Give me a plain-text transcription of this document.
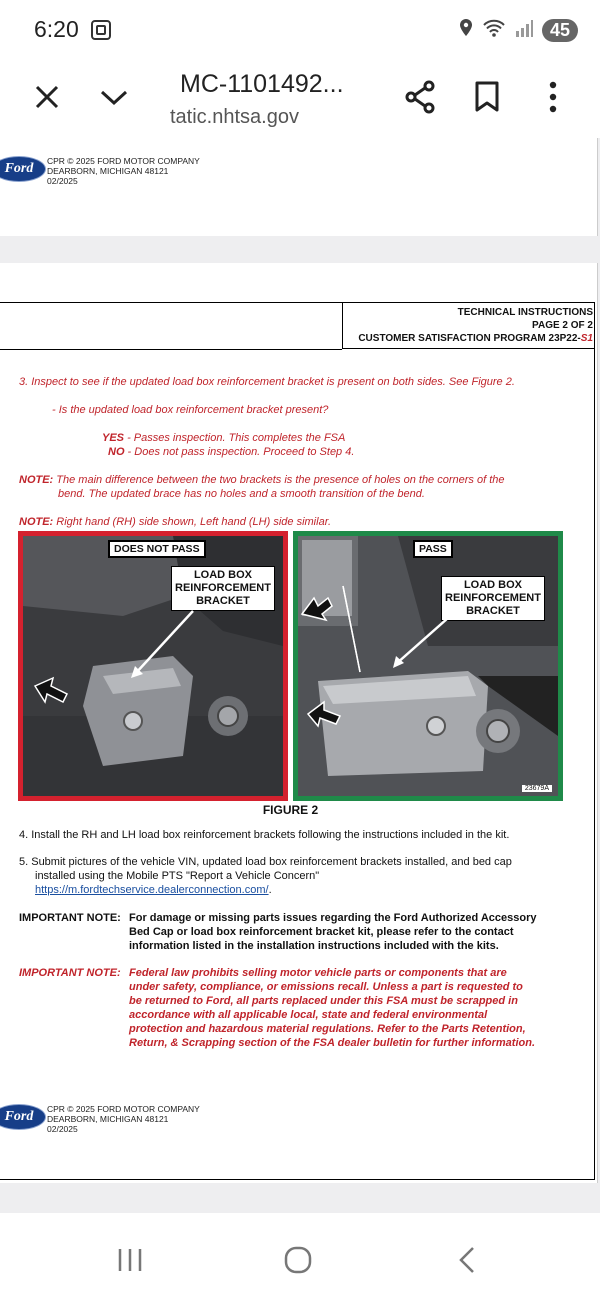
6:20	45
MC-1101492...
tatic.nhtsa.gov
Ford	CPR © 2025 FORD MOTOR COMPANY
DEARBORN, MICHIGAN 48121
02/2025
TECHNICAL INSTRUCTIONS
PAGE 2 OF 2
CUSTOMER SATISFACTION PROGRAM 23P22-S1
3. Inspect to see if the updated load box reinforcement bracket is present on both sides. See Figure 2.
- Is the updated load box reinforcement bracket present?
YES - Passes inspection. This completes the FSA
NO - Does not pass inspection. Proceed to Step 4.
NOTE: The main difference between the two brackets is the presence of holes on the corners of the
bend. The updated brace has no holes and a smooth transition of the bend.
NOTE: Right hand (RH) side shown, Left hand (LH) side similar.
DOES NOT PASS
LOAD BOX
REINFORCEMENT
BRACKET
PASS
LOAD BOX
REINFORCEMENT
BRACKET
23679A
FIGURE 2
4. Install the RH and LH load box reinforcement brackets following the instructions included in the kit.
5. Submit pictures of the vehicle VIN, updated load box reinforcement brackets installed, and bed cap
installed using the Mobile PTS "Report a Vehicle Concern"
https://m.fordtechservice.dealerconnection.com/.
IMPORTANT NOTE: For damage or missing parts issues regarding the Ford Authorized Accessory
Bed Cap or load box reinforcement bracket kit, please refer to the contact
information listed in the installation instructions included with the kits.
IMPORTANT NOTE: Federal law prohibits selling motor vehicle parts or components that are
under safety, compliance, or emissions recall. Unless a part is requested to
be returned to Ford, all parts replaced under this FSA must be scrapped in
accordance with all applicable local, state and federal environmental
protection and hazardous material regulations. Refer to the Parts Retention,
Return, & Scrapping section of the FSA dealer bulletin for further information.
Ford	CPR © 2025 FORD MOTOR COMPANY
DEARBORN, MICHIGAN 48121
02/2025
